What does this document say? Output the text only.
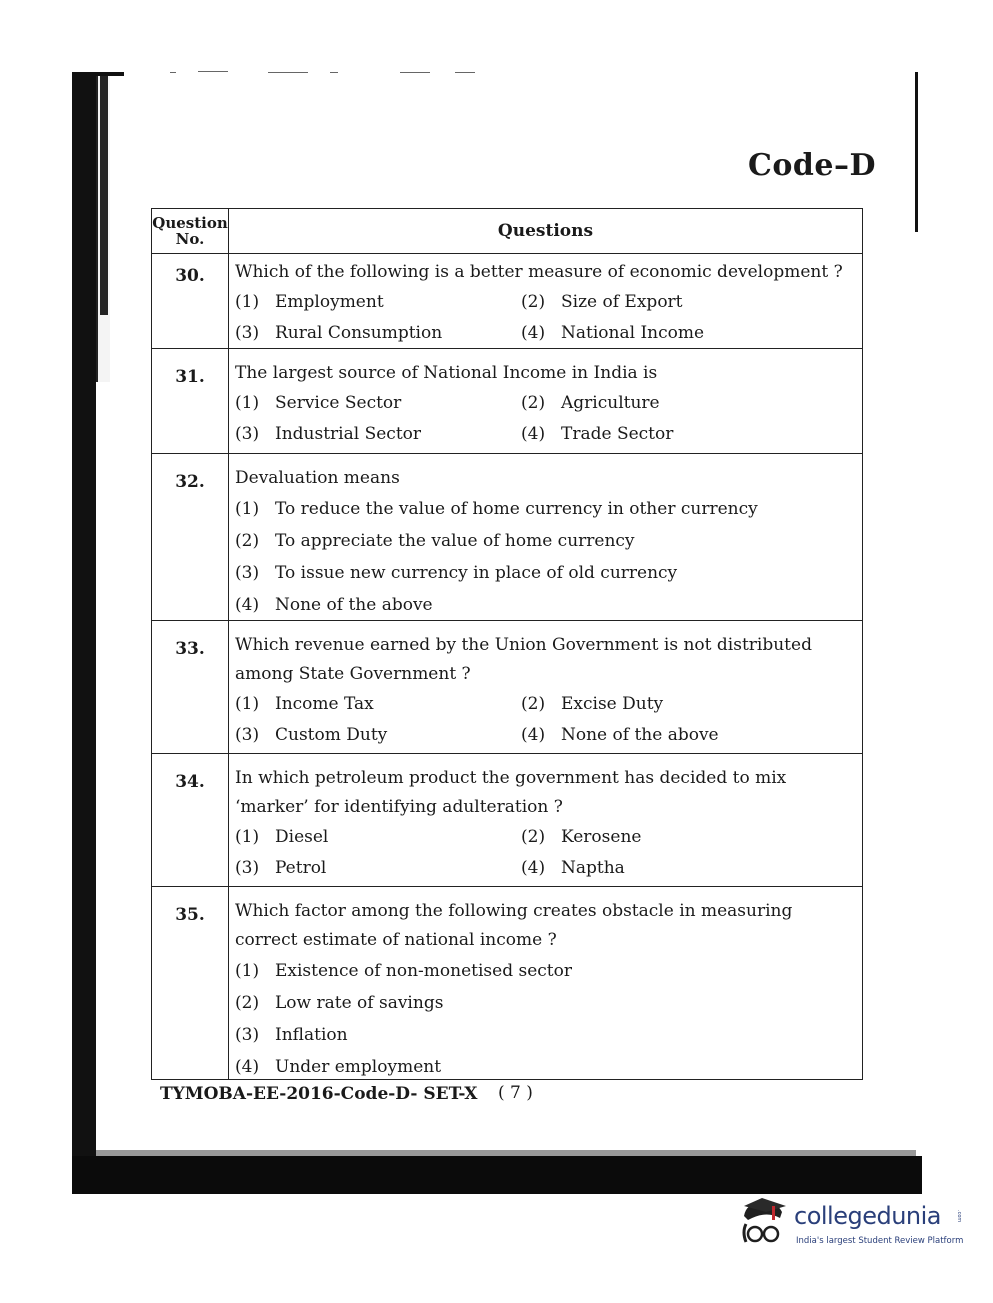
Code–D
Question
No.	Questions
30.	Which of the following is a better measure of economic development ?
(1) Employment	(2) Size of Export
(3) Rural Consumption	(4) National Income
31.	The largest source of National Income in India is
(1) Service Sector	(2) Agriculture
(3) Industrial Sector	(4) Trade Sector
32.	Devaluation means
(1) To reduce the value of home currency in other currency
(2) To appreciate the value of home currency
(3) To issue new currency in place of old currency
(4) None of the above
33.	Which revenue earned by the Union Government is not distributed among State Government ?
(1) Income Tax	(2) Excise Duty
(3) Custom Duty	(4) None of the above
34.	In which petroleum product the government has decided to mix ‘marker’ for identifying adulteration ?
(1) Diesel	(2) Kerosene
(3) Petrol	(4) Naptha
35.	Which factor among the following creates obstacle in measuring correct estimate of national income ?
(1) Existence of non-monetised sector
(2) Low rate of savings
(3) Inflation
(4) Under employment
TYMOBA-EE-2016-Code-D- SET-X ( 7 )
collegedunia	.com
India's largest Student Review Platform
